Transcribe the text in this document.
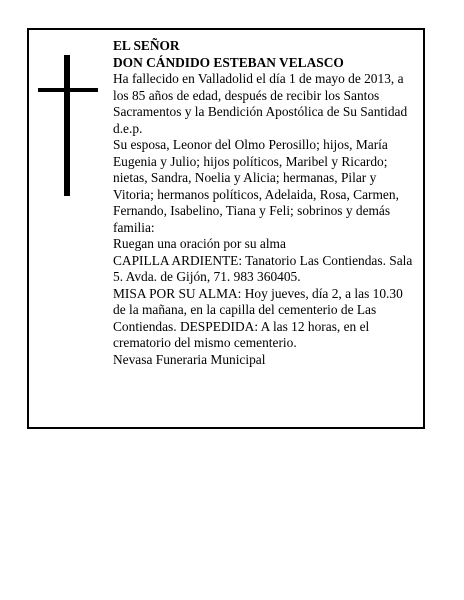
EL SEÑOR

DON CÁNDIDO ESTEBAN VELASCO

Ha fallecido en Valladolid el día 1 de mayo de 2013, a los 85 años de edad, después de recibir los Santos Sacramentos y la Bendición Apostólica de Su Santidad d.e.p.

Su esposa, Leonor del Olmo Perosillo; hijos, María Eugenia y Julio; hijos políticos, Maribel y Ricardo; nietas, Sandra, Noelia y Alicia; hermanas, Pilar y Vitoria; hermanos políticos, Adelaida, Rosa, Carmen, Fernando, Isabelino, Tiana y Feli; sobrinos y demás familia:

Ruegan una oración por su alma

CAPILLA ARDIENTE: Tanatorio Las Contiendas. Sala 5. Avda. de Gijón, 71. 983 360405.

MISA POR SU ALMA: Hoy jueves, día 2, a las 10.30 de la mañana, en la capilla del cementerio de Las Contiendas. DESPEDIDA: A las 12 horas, en el crematorio del mismo cementerio.

Nevasa Funeraria Municipal
